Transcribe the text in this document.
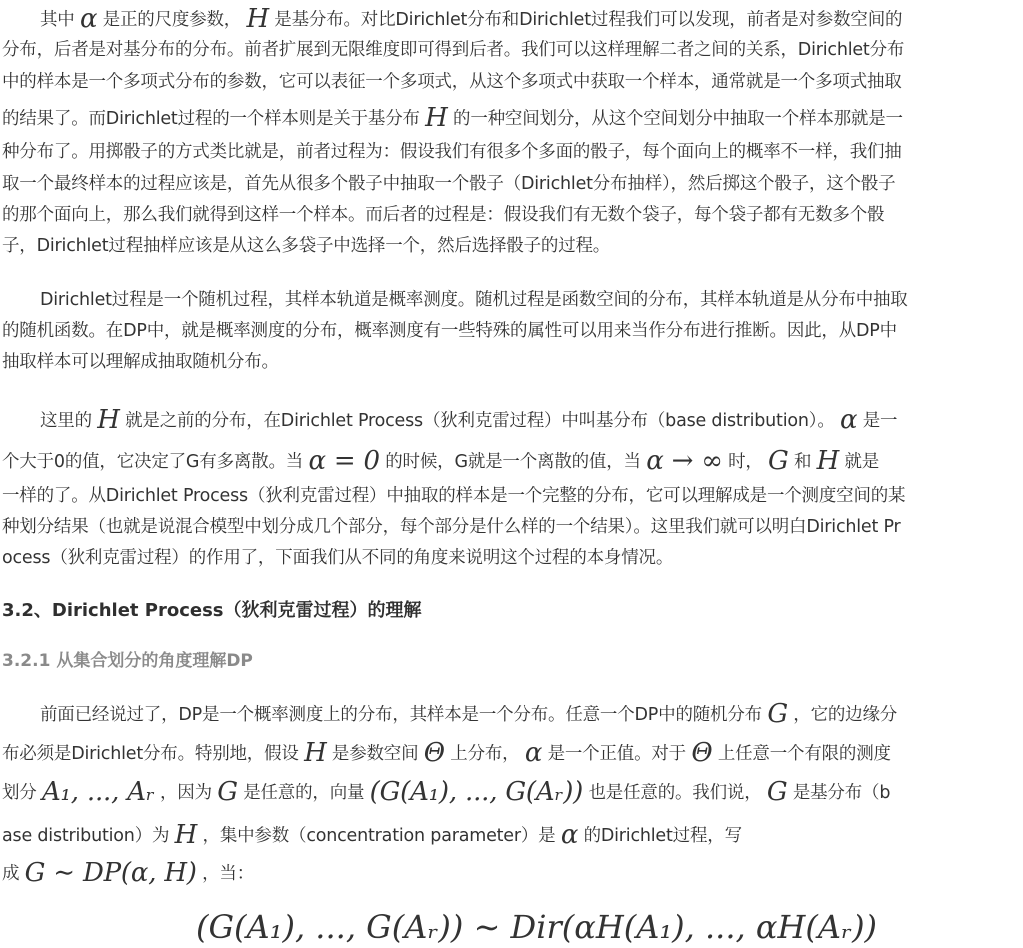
其中 α 是正的尺度参数， H 是基分布。对比Dirichlet分布和Dirichlet过程我们可以发现，前者是对参数空间的
分布，后者是对基分布的分布。前者扩展到无限维度即可得到后者。我们可以这样理解二者之间的关系，Dirichlet分布
中的样本是一个多项式分布的参数，它可以表征一个多项式，从这个多项式中获取一个样本，通常就是一个多项式抽取
的结果了。而Dirichlet过程的一个样本则是关于基分布 H 的一种空间划分，从这个空间划分中抽取一个样本那就是一
种分布了。用掷骰子的方式类比就是，前者过程为：假设我们有很多个多面的骰子，每个面向上的概率不一样，我们抽
取一个最终样本的过程应该是，首先从很多个骰子中抽取一个骰子（Dirichlet分布抽样），然后掷这个骰子，这个骰子
的那个面向上，那么我们就得到这样一个样本。而后者的过程是：假设我们有无数个袋子，每个袋子都有无数多个骰
子，Dirichlet过程抽样应该是从这么多袋子中选择一个，然后选择骰子的过程。
Dirichlet过程是一个随机过程，其样本轨道是概率测度。随机过程是函数空间的分布，其样本轨道是从分布中抽取
的随机函数。在DP中，就是概率测度的分布，概率测度有一些特殊的属性可以用来当作分布进行推断。因此，从DP中
抽取样本可以理解成抽取随机分布。
这里的 H 就是之前的分布，在Dirichlet Process（狄利克雷过程）中叫基分布（base distribution）。 α 是一
个大于0的值，它决定了G有多离散。当 α = 0 的时候，G就是一个离散的值，当 α → ∞ 时， G 和 H 就是
一样的了。从Dirichlet Process（狄利克雷过程）中抽取的样本是一个完整的分布，它可以理解成是一个测度空间的某
种划分结果（也就是说混合模型中划分成几个部分，每个部分是什么样的一个结果）。这里我们就可以明白Dirichlet Pr
ocess（狄利克雷过程）的作用了，下面我们从不同的角度来说明这个过程的本身情况。
3.2、Dirichlet Process（狄利克雷过程）的理解
3.2.1 从集合划分的角度理解DP
前面已经说过了，DP是一个概率测度上的分布，其样本是一个分布。任意一个DP中的随机分布 G ，它的边缘分
布必须是Dirichlet分布。特别地，假设 H 是参数空间 Θ 上分布， α 是一个正值。对于 Θ 上任意一个有限的测度
划分 A₁, ..., Aᵣ ，因为 G 是任意的，向量 (G(A₁), ..., G(Aᵣ)) 也是任意的。我们说， G 是基分布（b
ase distribution）为 H ，集中参数（concentration parameter）是 α 的Dirichlet过程，写
成 G ∼ DP(α, H) ，当：
(G(A₁), ..., G(Aᵣ)) ∼ Dir(αH(A₁), ..., αH(Aᵣ))
